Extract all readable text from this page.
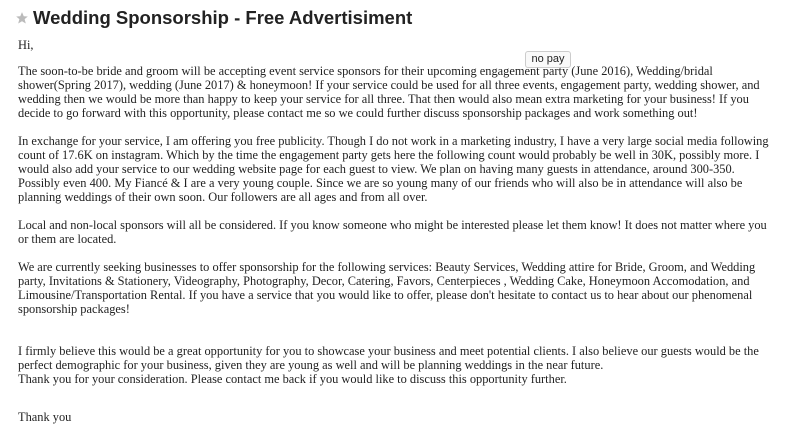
Wedding Sponsorship - Free Advertisiment
no pay

Hi,

The soon-to-be bride and groom will be accepting event service sponsors for their upcoming engagement party (June 2016), Wedding/bridal shower(Spring 2017), wedding (June 2017) & honeymoon! If your service could be used for all three events, engagement party, wedding shower, and wedding then we would be more than happy to keep your service for all three. That then would also mean extra marketing for your business! If you decide to go forward with this opportunity, please contact me so we could further discuss sponsorship packages and work something out!

In exchange for your service, I am offering you free publicity. Though I do not work in a marketing industry, I have a very large social media following count of 17.6K on instagram. Which by the time the engagement party gets here the following count would probably be well in 30K, possibly more. I would also add your service to our wedding website page for each guest to view. We plan on having many guests in attendance, around 300-350. Possibly even 400. My Fiancé & I are a very young couple. Since we are so young many of our friends who will also be in attendance will also be planning weddings of their own soon. Our followers are all ages and from all over.

Local and non-local sponsors will all be considered. If you know someone who might be interested please let them know! It does not matter where you or them are located.

We are currently seeking businesses to offer sponsorship for the following services: Beauty Services, Wedding attire for Bride, Groom, and Wedding party, Invitations & Stationery, Videography, Photography, Decor, Catering, Favors, Centerpieces , Wedding Cake, Honeymoon Accomodation, and Limousine/Transportation Rental. If you have a service that you would like to offer, please don't hesitate to contact us to hear about our phenomenal sponsorship packages!

I firmly believe this would be a great opportunity for you to showcase your business and meet potential clients. I also believe our guests would be the perfect demographic for your business, given they are young as well and will be planning weddings in the near future.

Thank you for your consideration. Please contact me back if you would like to discuss this opportunity further.

Thank you
